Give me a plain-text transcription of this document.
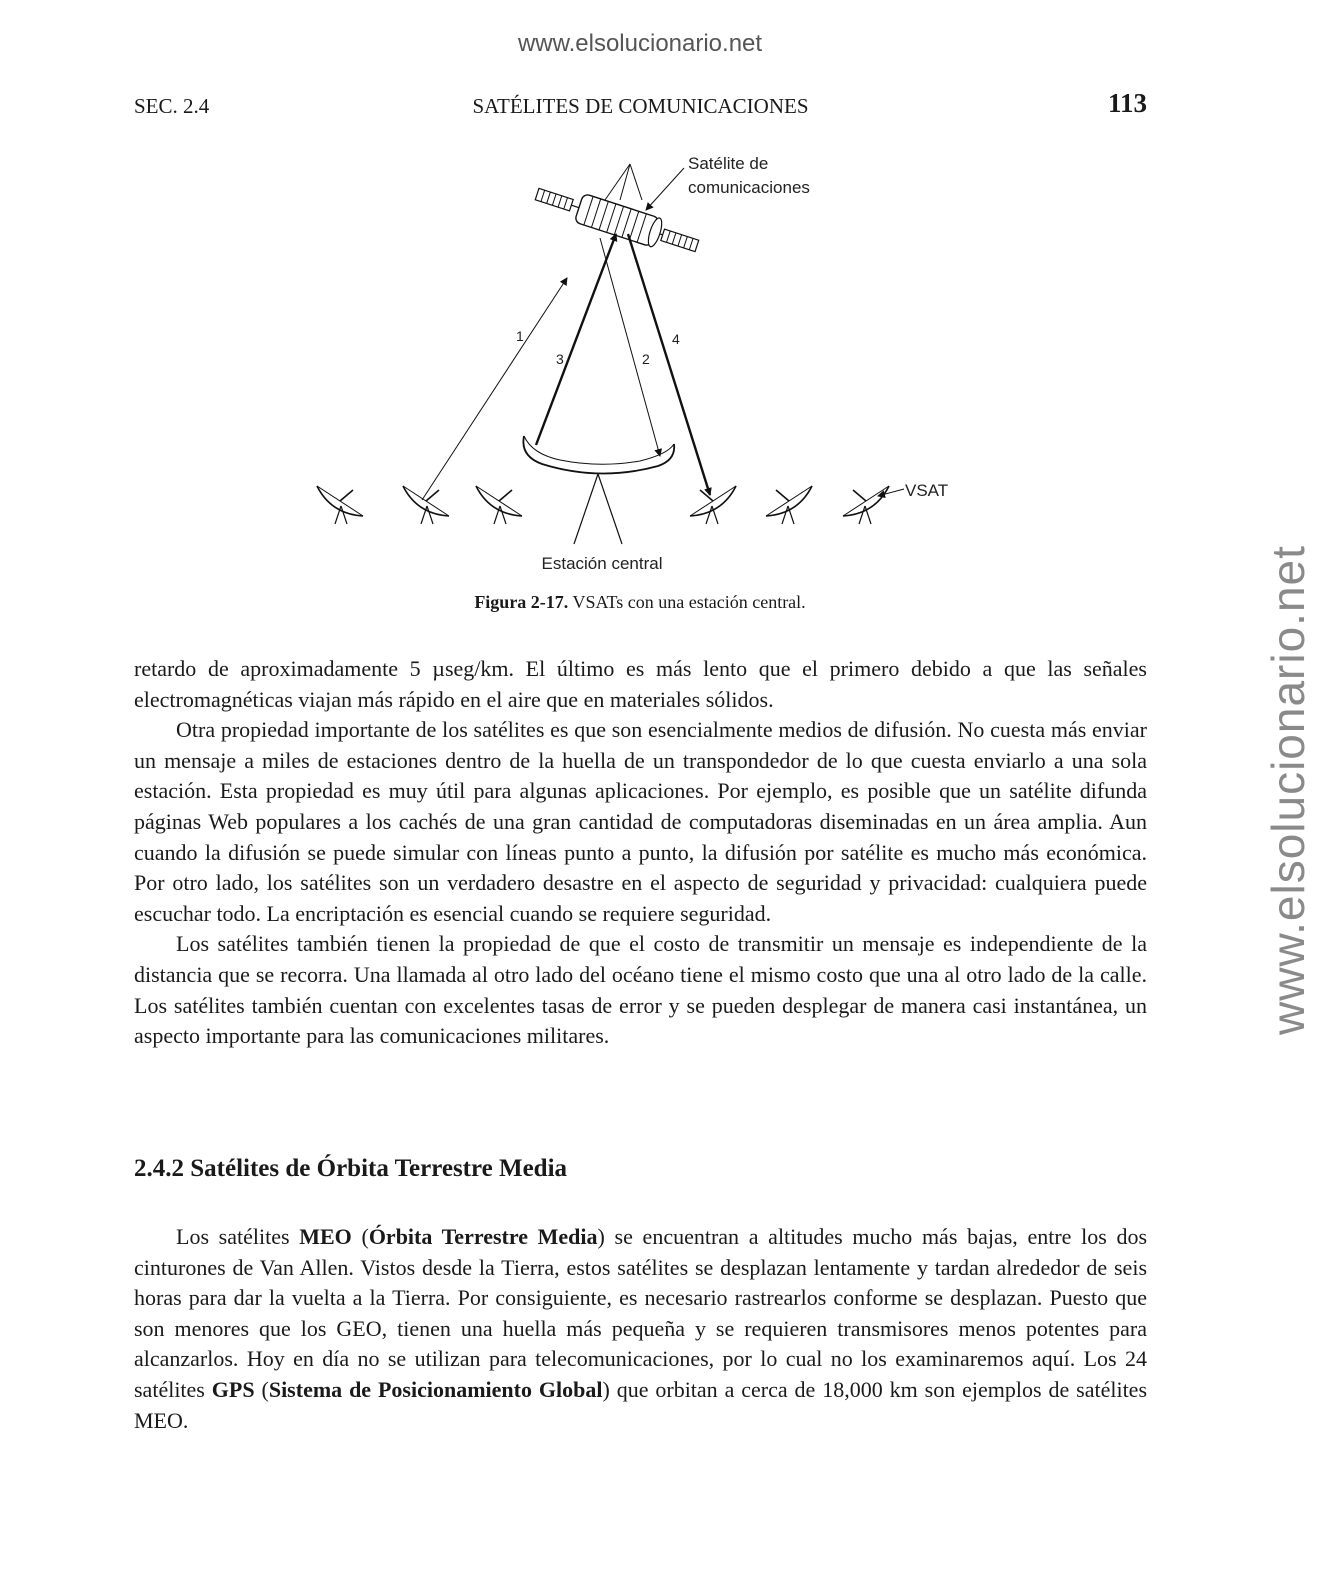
www.elsolucionario.net
www.elsolucionario.net
SEC. 2.4	SATÉLITES DE COMUNICACIONES	113
Satélite de
comunicaciones
1
2
3
4
Estación central
VSAT
Figura 2-17. VSATs con una estación central.

retardo de aproximadamente 5 µseg/km. El último es más lento que el primero debido a que las señales electromagnéticas viajan más rápido en el aire que en materiales sólidos.

Otra propiedad importante de los satélites es que son esencialmente medios de difusión. No cuesta más enviar un mensaje a miles de estaciones dentro de la huella de un transpondedor de lo que cuesta enviarlo a una sola estación. Esta propiedad es muy útil para algunas aplicaciones. Por ejemplo, es posible que un satélite difunda páginas Web populares a los cachés de una gran cantidad de computadoras diseminadas en un área amplia. Aun cuando la difusión se puede simular con líneas punto a punto, la difusión por satélite es mucho más económica. Por otro lado, los satélites son un verdadero desastre en el aspecto de seguridad y privacidad: cualquiera puede escuchar todo. La encriptación es esencial cuando se requiere seguridad.

Los satélites también tienen la propiedad de que el costo de transmitir un mensaje es independiente de la distancia que se recorra. Una llamada al otro lado del océano tiene el mismo costo que una al otro lado de la calle. Los satélites también cuentan con excelentes tasas de error y se pueden desplegar de manera casi instantánea, un aspecto importante para las comunicaciones militares.

2.4.2 Satélites de Órbita Terrestre Media

Los satélites MEO (Órbita Terrestre Media) se encuentran a altitudes mucho más bajas, entre los dos cinturones de Van Allen. Vistos desde la Tierra, estos satélites se desplazan lentamente y tardan alrededor de seis horas para dar la vuelta a la Tierra. Por consiguiente, es necesario rastrearlos conforme se desplazan. Puesto que son menores que los GEO, tienen una huella más pequeña y se requieren transmisores menos potentes para alcanzarlos. Hoy en día no se utilizan para telecomunicaciones, por lo cual no los examinaremos aquí. Los 24 satélites GPS (Sistema de Posicionamiento Global) que orbitan a cerca de 18,000 km son ejemplos de satélites MEO.
